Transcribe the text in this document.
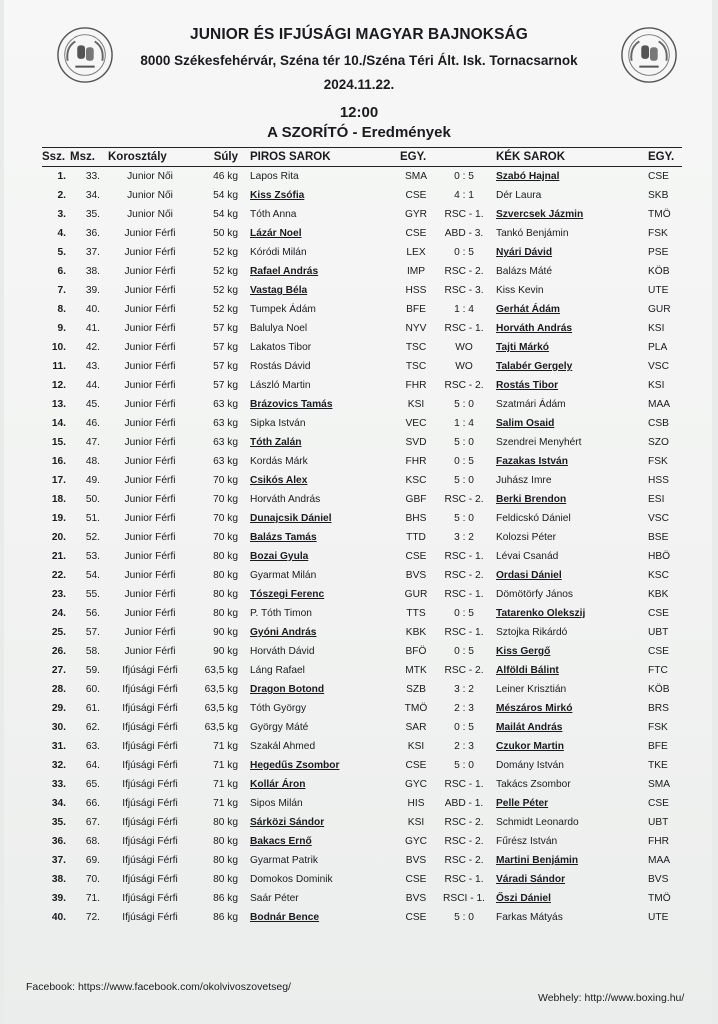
JUNIOR ÉS IFJÚSÁGI MAGYAR BAJNOKSÁG
8000 Székesfehérvár, Széna tér 10./Széna Téri Ált. Isk. Tornacsarnok
2024.11.22.
12:00
A SZORÍTÓ - Eredmények
Ssz.	Msz.	Korosztály	Súly	PIROS SAROK	EGY.		KÉK SAROK	EGY.
1.	33.	Junior Női	46 kg	Lapos Rita	SMA	0 : 5	Szabó Hajnal	CSE
2.	34.	Junior Női	54 kg	Kiss Zsófia	CSE	4 : 1	Dér Laura	SKB
3.	35.	Junior Női	54 kg	Tóth Anna	GYR	RSC - 1.	Szvercsek Jázmin	TMÖ
4.	36.	Junior Férfi	50 kg	Lázár Noel	CSE	ABD - 3.	Tankó Benjámin	FSK
5.	37.	Junior Férfi	52 kg	Kóródi Milán	LEX	0 : 5	Nyári Dávid	PSE
6.	38.	Junior Férfi	52 kg	Rafael András	IMP	RSC - 2.	Balázs Máté	KÖB
7.	39.	Junior Férfi	52 kg	Vastag Béla	HSS	RSC - 3.	Kiss Kevin	UTE
8.	40.	Junior Férfi	52 kg	Tumpek Ádám	BFE	1 : 4	Gerhát Ádám	GUR
9.	41.	Junior Férfi	57 kg	Balulya Noel	NYV	RSC - 1.	Horváth András	KSI
10.	42.	Junior Férfi	57 kg	Lakatos Tibor	TSC	WO	Tajti Márkó	PLA
11.	43.	Junior Férfi	57 kg	Rostás Dávid	TSC	WO	Talabér Gergely	VSC
12.	44.	Junior Férfi	57 kg	László Martin	FHR	RSC - 2.	Rostás Tibor	KSI
13.	45.	Junior Férfi	63 kg	Brázovics Tamás	KSI	5 : 0	Szatmári Ádám	MAA
14.	46.	Junior Férfi	63 kg	Sipka István	VEC	1 : 4	Salim Osaid	CSB
15.	47.	Junior Férfi	63 kg	Tóth Zalán	SVD	5 : 0	Szendrei Menyhért	SZO
16.	48.	Junior Férfi	63 kg	Kordás Márk	FHR	0 : 5	Fazakas István	FSK
17.	49.	Junior Férfi	70 kg	Csikós Alex	KSC	5 : 0	Juhász Imre	HSS
18.	50.	Junior Férfi	70 kg	Horváth András	GBF	RSC - 2.	Berki Brendon	ESI
19.	51.	Junior Férfi	70 kg	Dunajcsik Dániel	BHS	5 : 0	Feldicskó Dániel	VSC
20.	52.	Junior Férfi	70 kg	Balázs Tamás	TTD	3 : 2	Kolozsi Péter	BSE
21.	53.	Junior Férfi	80 kg	Bozai Gyula	CSE	RSC - 1.	Lévai Csanád	HBÖ
22.	54.	Junior Férfi	80 kg	Gyarmat Milán	BVS	RSC - 2.	Ordasi Dániel	KSC
23.	55.	Junior Férfi	80 kg	Tószegi Ferenc	GUR	RSC - 1.	Dömötörfy János	KBK
24.	56.	Junior Férfi	80 kg	P. Tóth Timon	TTS	0 : 5	Tatarenko Olekszij	CSE
25.	57.	Junior Férfi	90 kg	Gyóni András	KBK	RSC - 1.	Sztojka Rikárdó	UBT
26.	58.	Junior Férfi	90 kg	Horváth Dávid	BFÖ	0 : 5	Kiss Gergő	CSE
27.	59.	Ifjúsági Férfi	63,5 kg	Láng Rafael	MTK	RSC - 2.	Alföldi Bálint	FTC
28.	60.	Ifjúsági Férfi	63,5 kg	Dragon Botond	SZB	3 : 2	Leiner Krisztián	KÖB
29.	61.	Ifjúsági Férfi	63,5 kg	Tóth György	TMÖ	2 : 3	Mészáros Mirkó	BRS
30.	62.	Ifjúsági Férfi	63,5 kg	György Máté	SAR	0 : 5	Mailát András	FSK
31.	63.	Ifjúsági Férfi	71 kg	Szakál Ahmed	KSI	2 : 3	Czukor Martin	BFE
32.	64.	Ifjúsági Férfi	71 kg	Hegedűs Zsombor	CSE	5 : 0	Domány István	TKE
33.	65.	Ifjúsági Férfi	71 kg	Kollár Áron	GYC	RSC - 1.	Takács Zsombor	SMA
34.	66.	Ifjúsági Férfi	71 kg	Sipos Milán	HIS	ABD - 1.	Pelle Péter	CSE
35.	67.	Ifjúsági Férfi	80 kg	Sárközi Sándor	KSI	RSC - 2.	Schmidt Leonardo	UBT
36.	68.	Ifjúsági Férfi	80 kg	Bakacs Ernő	GYC	RSC - 2.	Fűrész István	FHR
37.	69.	Ifjúsági Férfi	80 kg	Gyarmat Patrik	BVS	RSC - 2.	Martini Benjámin	MAA
38.	70.	Ifjúsági Férfi	80 kg	Domokos Dominik	CSE	RSC - 1.	Váradi Sándor	BVS
39.	71.	Ifjúsági Férfi	86 kg	Saár Péter	BVS	RSCI - 1.	Őszi Dániel	TMÖ
40.	72.	Ifjúsági Férfi	86 kg	Bodnár Bence	CSE	5 : 0	Farkas Mátyás	UTE
Facebook: https://www.facebook.com/okolvivoszovetseg/
Webhely: http://www.boxing.hu/
